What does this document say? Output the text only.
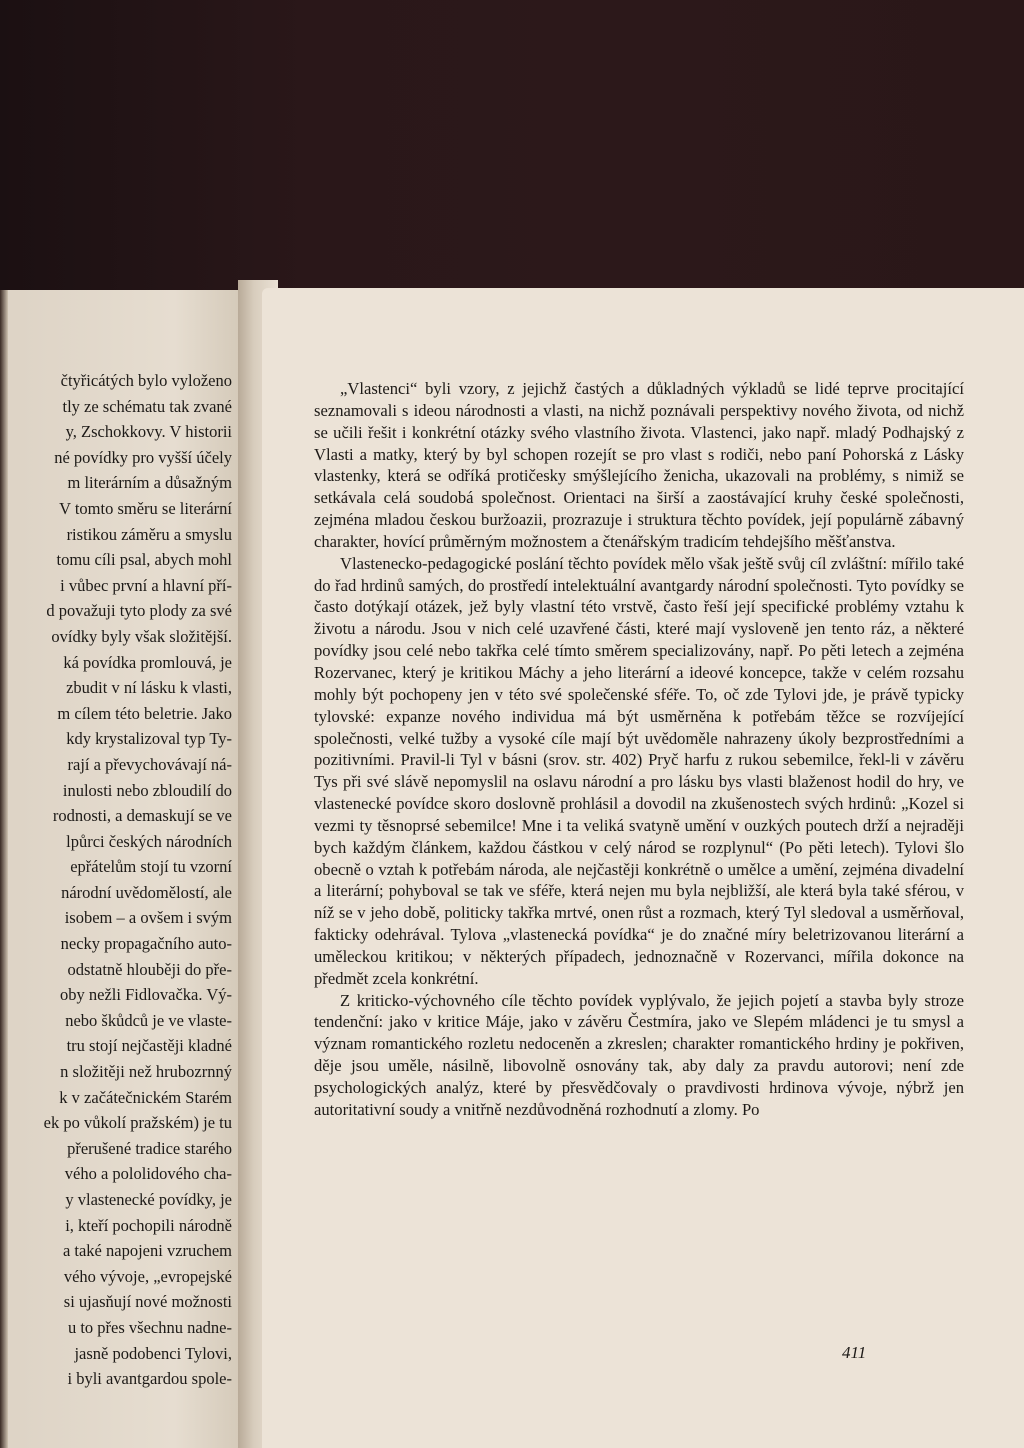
čtyřicátých bylo vyloženo
tly ze schématu tak zvané
y, Zschokkovy. V historii
né povídky pro vyšší účely
m literárním a důsažným
V tomto směru se literární
ristikou záměru a smyslu
tomu cíli psal, abych mohl
i vůbec první a hlavní pří-
d považuji tyto plody za své
ovídky byly však složitější.
ká povídka promlouvá, je
zbudit v ní lásku k vlasti,
m cílem této beletrie. Jako
kdy krystalizoval typ Ty-
rají a převychovávají ná-
inulosti nebo zbloudilí do
rodnosti, a demaskují se ve
lpůrci českých národních
epřátelům stojí tu vzorní
národní uvědomělostí, ale
isobem – a ovšem i svým
necky propagačního auto-
odstatně hlouběji do pře-
oby nežli Fidlovačka. Vý-
nebo škůdců je ve vlaste-
tru stojí nejčastěji kladné
n složitěji než hrubozrnný
k v začátečnickém Starém
ek po vůkolí pražském) je tu
přerušené tradice starého
vého a pololidového cha-
y vlastenecké povídky, je
i, kteří pochopili národně
a také napojeni vzruchem
vého vývoje, „evropejské
si ujasňují nové možnosti
u to přes všechnu nadne-
jasně podobenci Tylovi,
i byli avantgardou spole-

„Vlastenci“ byli vzory, z jejichž častých a důkladných výkladů se lidé teprve procitající seznamovali s ideou národnosti a vlasti, na nichž poznávali perspektivy nového života, od nichž se učili řešit i konkrétní otázky svého vlastního života. Vlastenci, jako např. mladý Podhajský z Vlasti a matky, který by byl schopen rozejít se pro vlast s rodiči, nebo paní Pohorská z Lásky vlastenky, která se odříká protičesky smýšlejícího ženicha, ukazovali na problémy, s nimiž se setkávala celá soudobá společnost. Orientaci na širší a zaostávající kruhy české společnosti, zejména mladou českou buržoazii, prozrazuje i struktura těchto povídek, její populárně zábavný charakter, hovící průměrným možnostem a čtenářským tradicím tehdejšího měšťanstva.

Vlastenecko-pedagogické poslání těchto povídek mělo však ještě svůj cíl zvláštní: mířilo také do řad hrdinů samých, do prostředí intelektuální avantgardy národní společnosti. Tyto povídky se často dotýkají otázek, jež byly vlastní této vrstvě, často řeší její specifické problémy vztahu k životu a národu. Jsou v nich celé uzavřené části, které mají vysloveně jen tento ráz, a některé povídky jsou celé nebo takřka celé tímto směrem specializovány, např. Po pěti letech a zejména Rozervanec, který je kritikou Máchy a jeho literární a ideové koncepce, takže v celém rozsahu mohly být pochopeny jen v této své společenské sféře. To, oč zde Tylovi jde, je právě typicky tylovské: expanze nového individua má být usměrněna k potřebám těžce se rozvíjející společnosti, velké tužby a vysoké cíle mají být uvědoměle nahrazeny úkoly bezprostředními a pozitivními. Pravil-li Tyl v básni (srov. str. 402) Pryč harfu z rukou sebemilce, řekl-li v závěru Tys při své slávě nepomyslil na oslavu národní a pro lásku bys vlasti blaženost hodil do hry, ve vlastenecké povídce skoro doslovně prohlásil a dovodil na zkušenostech svých hrdinů: „Kozel si vezmi ty těsnoprsé sebemilce! Mne i ta veliká svatyně umění v ouzkých poutech drží a nejraději bych každým článkem, každou částkou v celý národ se rozplynul“ (Po pěti letech). Tylovi šlo obecně o vztah k potřebám národa, ale nejčastěji konkrétně o umělce a umění, zejména divadelní a literární; pohyboval se tak ve sféře, která nejen mu byla nejbližší, ale která byla také sférou, v níž se v jeho době, politicky takřka mrtvé, onen růst a rozmach, který Tyl sledoval a usměrňoval, fakticky odehrával. Tylova „vlastenecká povídka“ je do značné míry beletrizovanou literární a uměleckou kritikou; v některých případech, jednoznačně v Rozervanci, mířila dokonce na předmět zcela konkrétní.

Z kriticko-výchovného cíle těchto povídek vyplývalo, že jejich pojetí a stavba byly stroze tendenční: jako v kritice Máje, jako v závěru Čestmíra, jako ve Slepém mládenci je tu smysl a význam romantického rozletu nedoceněn a zkreslen; charakter romantického hrdiny je pokřiven, děje jsou uměle, násilně, libovolně osnovány tak, aby daly za pravdu autorovi; není zde psychologických analýz, které by přesvědčovaly o pravdivosti hrdinova vývoje, nýbrž jen autoritativní soudy a vnitřně nezdůvodněná rozhodnutí a zlomy. Po

411
